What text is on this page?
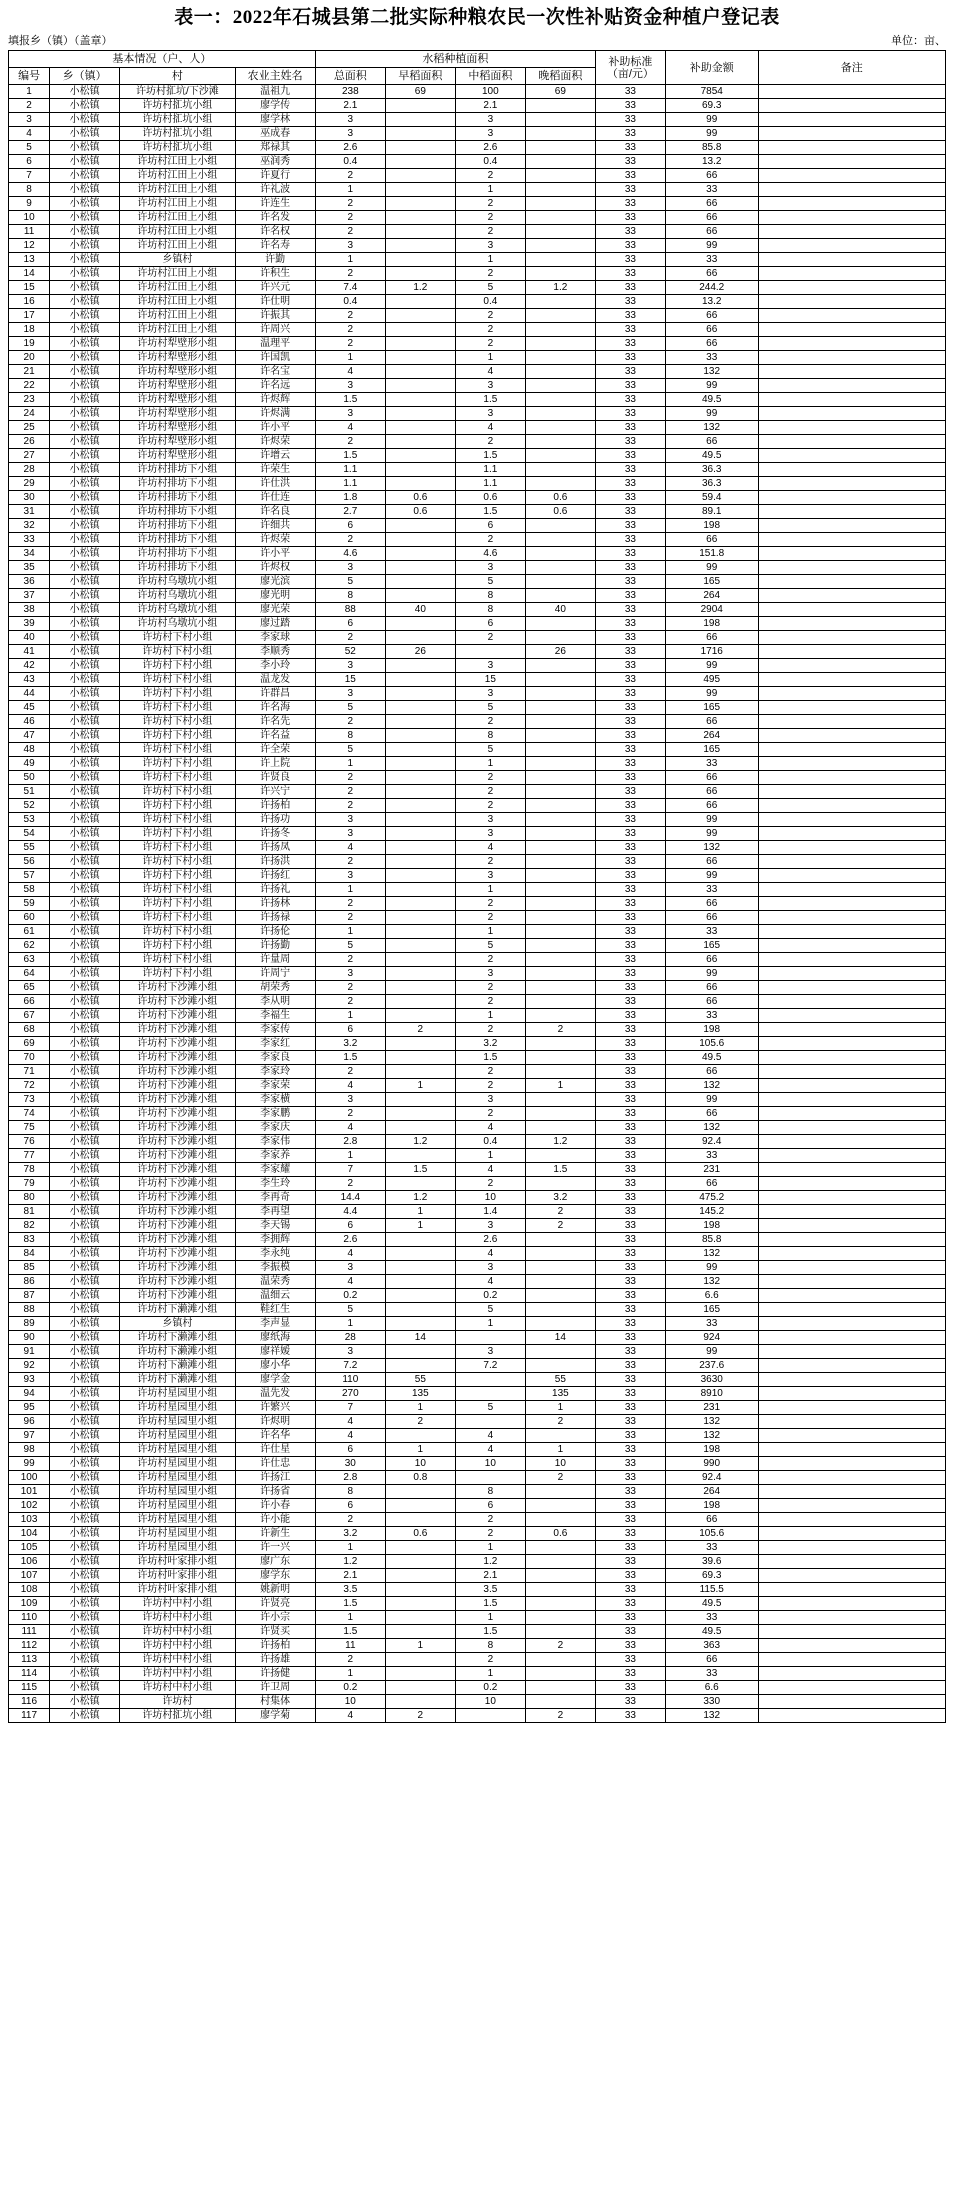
表一：2022年石城县第二批实际种粮农民一次性补贴资金种植户登记表
填报乡（镇）（盖章）	单位：亩、
基本情况（户、人）				水稻种植面积				补助标准
（亩/元）	补助金额	备注
编号	乡（镇）	村	农业主姓名	总面积	早稻面积	中稻面积	晚稻面积			
1	小松镇	许坊村㧟坑/下沙滩	温祖九	238	69	100	69	33	7854	
2	小松镇	许坊村㧟坑小组	廖学传	2.1		2.1		33	69.3	
3	小松镇	许坊村㧟坑小组	廖学林	3		3		33	99	
4	小松镇	许坊村㧟坑小组	巫成春	3		3		33	99	
5	小松镇	许坊村㧟坑小组	郑禄其	2.6		2.6		33	85.8	
6	小松镇	许坊村江田上小组	巫润秀	0.4		0.4		33	13.2	
7	小松镇	许坊村江田上小组	许夏行	2		2		33	66	
8	小松镇	许坊村江田上小组	许礼波	1		1		33	33	
9	小松镇	许坊村江田上小组	许连生	2		2		33	66	
10	小松镇	许坊村江田上小组	许名发	2		2		33	66	
11	小松镇	许坊村江田上小组	许名权	2		2		33	66	
12	小松镇	许坊村江田上小组	许名寿	3		3		33	99	
13	小松镇	乡镇村	许勤	1		1		33	33	
14	小松镇	许坊村江田上小组	许积生	2		2		33	66	
15	小松镇	许坊村江田上小组	许兴元	7.4	1.2	5	1.2	33	244.2	
16	小松镇	许坊村江田上小组	许仕明	0.4		0.4		33	13.2	
17	小松镇	许坊村江田上小组	许振其	2		2		33	66	
18	小松镇	许坊村江田上小组	许周兴	2		2		33	66	
19	小松镇	许坊村犁壁形小组	温理平	2		2		33	66	
20	小松镇	许坊村犁壁形小组	许国凯	1		1		33	33	
21	小松镇	许坊村犁壁形小组	许名宝	4		4		33	132	
22	小松镇	许坊村犁壁形小组	许名远	3		3		33	99	
23	小松镇	许坊村犁壁形小组	许烬辉	1.5		1.5		33	49.5	
24	小松镇	许坊村犁壁形小组	许烬满	3		3		33	99	
25	小松镇	许坊村犁壁形小组	许小平	4		4		33	132	
26	小松镇	许坊村犁壁形小组	许烬荣	2		2		33	66	
27	小松镇	许坊村犁壁形小组	许增云	1.5		1.5		33	49.5	
28	小松镇	许坊村排坊下小组	许荣生	1.1		1.1		33	36.3	
29	小松镇	许坊村排坊下小组	许仕洪	1.1		1.1		33	36.3	
30	小松镇	许坊村排坊下小组	许仕连	1.8	0.6	0.6	0.6	33	59.4	
31	小松镇	许坊村排坊下小组	许名良	2.7	0.6	1.5	0.6	33	89.1	
32	小松镇	许坊村排坊下小组	许细共	6		6		33	198	
33	小松镇	许坊村排坊下小组	许烬荣	2		2		33	66	
34	小松镇	许坊村排坊下小组	许小平	4.6		4.6		33	151.8	
35	小松镇	许坊村排坊下小组	许烬权	3		3		33	99	
36	小松镇	许坊村乌墩坑小组	廖光滨	5		5		33	165	
37	小松镇	许坊村乌墩坑小组	廖光明	8		8		33	264	
38	小松镇	许坊村乌墩坑小组	廖光荣	88	40	8	40	33	2904	
39	小松镇	许坊村乌墩坑小组	廖过踏	6		6		33	198	
40	小松镇	许坊村下村小组	李家球	2		2		33	66	
41	小松镇	许坊村下村小组	李顺秀	52	26		26	33	1716	
42	小松镇	许坊村下村小组	李小玲	3		3		33	99	
43	小松镇	许坊村下村小组	温龙发	15		15		33	495	
44	小松镇	许坊村下村小组	许群昌	3		3		33	99	
45	小松镇	许坊村下村小组	许名海	5		5		33	165	
46	小松镇	许坊村下村小组	许名先	2		2		33	66	
47	小松镇	许坊村下村小组	许名益	8		8		33	264	
48	小松镇	许坊村下村小组	许全荣	5		5		33	165	
49	小松镇	许坊村下村小组	许上院	1		1		33	33	
50	小松镇	许坊村下村小组	许贤良	2		2		33	66	
51	小松镇	许坊村下村小组	许兴宁	2		2		33	66	
52	小松镇	许坊村下村小组	许扬柏	2		2		33	66	
53	小松镇	许坊村下村小组	许扬功	3		3		33	99	
54	小松镇	许坊村下村小组	许扬冬	3		3		33	99	
55	小松镇	许坊村下村小组	许扬凤	4		4		33	132	
56	小松镇	许坊村下村小组	许扬洪	2		2		33	66	
57	小松镇	许坊村下村小组	许扬红	3		3		33	99	
58	小松镇	许坊村下村小组	许扬礼	1		1		33	33	
59	小松镇	许坊村下村小组	许扬林	2		2		33	66	
60	小松镇	许坊村下村小组	许扬禄	2		2		33	66	
61	小松镇	许坊村下村小组	许扬伦	1		1		33	33	
62	小松镇	许坊村下村小组	许扬勤	5		5		33	165	
63	小松镇	许坊村下村小组	许量周	2		2		33	66	
64	小松镇	许坊村下村小组	许周宁	3		3		33	99	
65	小松镇	许坊村下沙滩小组	胡荣秀	2		2		33	66	
66	小松镇	许坊村下沙滩小组	李从明	2		2		33	66	
67	小松镇	许坊村下沙滩小组	李福生	1		1		33	33	
68	小松镇	许坊村下沙滩小组	李家传	6	2	2	2	33	198	
69	小松镇	许坊村下沙滩小组	李家红	3.2		3.2		33	105.6	
70	小松镇	许坊村下沙滩小组	李家良	1.5		1.5		33	49.5	
71	小松镇	许坊村下沙滩小组	李家玲	2		2		33	66	
72	小松镇	许坊村下沙滩小组	李家荣	4	1	2	1	33	132	
73	小松镇	许坊村下沙滩小组	李家横	3		3		33	99	
74	小松镇	许坊村下沙滩小组	李家鹏	2		2		33	66	
75	小松镇	许坊村下沙滩小组	李家庆	4		4		33	132	
76	小松镇	许坊村下沙滩小组	李家伟	2.8	1.2	0.4	1.2	33	92.4	
77	小松镇	许坊村下沙滩小组	李家养	1		1		33	33	
78	小松镇	许坊村下沙滩小组	李家耀	7	1.5	4	1.5	33	231	
79	小松镇	许坊村下沙滩小组	李生玲	2		2		33	66	
80	小松镇	许坊村下沙滩小组	李再奇	14.4	1.2	10	3.2	33	475.2	
81	小松镇	许坊村下沙滩小组	李再望	4.4	1	1.4	2	33	145.2	
82	小松镇	许坊村下沙滩小组	李天锡	6	1	3	2	33	198	
83	小松镇	许坊村下沙滩小组	李拥辉	2.6		2.6		33	85.8	
84	小松镇	许坊村下沙滩小组	李永纯	4		4		33	132	
85	小松镇	许坊村下沙滩小组	李振模	3		3		33	99	
86	小松镇	许坊村下沙滩小组	温荣秀	4		4		33	132	
87	小松镇	许坊村下沙滩小组	温细云	0.2		0.2		33	6.6	
88	小松镇	许坊村下濑滩小组	鞋红生	5		5		33	165	
89	小松镇	乡镇村	李声显	1		1		33	33	
90	小松镇	许坊村下濑滩小组	廖纸海	28	14		14	33	924	
91	小松镇	许坊村下濑滩小组	廖祥嫒	3		3		33	99	
92	小松镇	许坊村下濑滩小组	廖小华	7.2		7.2		33	237.6	
93	小松镇	许坊村下濑滩小组	廖学金	110	55		55	33	3630	
94	小松镇	许坊村星园里小组	温先发	270	135		135	33	8910	
95	小松镇	许坊村星园里小组	许繁兴	7	1	5	1	33	231	
96	小松镇	许坊村星园里小组	许烬明	4	2		2	33	132	
97	小松镇	许坊村星园里小组	许名华	4		4		33	132	
98	小松镇	许坊村星园里小组	许仕星	6	1	4	1	33	198	
99	小松镇	许坊村星园里小组	许仕忠	30	10	10	10	33	990	
100	小松镇	许坊村星园里小组	许扬江	2.8	0.8		2	33	92.4	
101	小松镇	许坊村星园里小组	许扬省	8		8		33	264	
102	小松镇	许坊村星园里小组	许小春	6		6		33	198	
103	小松镇	许坊村星园里小组	许小能	2		2		33	66	
104	小松镇	许坊村星园里小组	许新生	3.2	0.6	2	0.6	33	105.6	
105	小松镇	许坊村星园里小组	许一兴	1		1		33	33	
106	小松镇	许坊村叶家排小组	廖广东	1.2		1.2		33	39.6	
107	小松镇	许坊村叶家排小组	廖学东	2.1		2.1		33	69.3	
108	小松镇	许坊村叶家排小组	姚新明	3.5		3.5		33	115.5	
109	小松镇	许坊村中村小组	许贤亮	1.5		1.5		33	49.5	
110	小松镇	许坊村中村小组	许小宗	1		1		33	33	
111	小松镇	许坊村中村小组	许贤买	1.5		1.5		33	49.5	
112	小松镇	许坊村中村小组	许扬柏	11	1	8	2	33	363	
113	小松镇	许坊村中村小组	许扬雄	2		2		33	66	
114	小松镇	许坊村中村小组	许扬健	1		1		33	33	
115	小松镇	许坊村中村小组	许卫周	0.2		0.2		33	6.6	
116	小松镇	许坊村	村集体	10		10		33	330	
117	小松镇	许坊村㧟坑小组	廖学菊	4	2		2	33	132	
